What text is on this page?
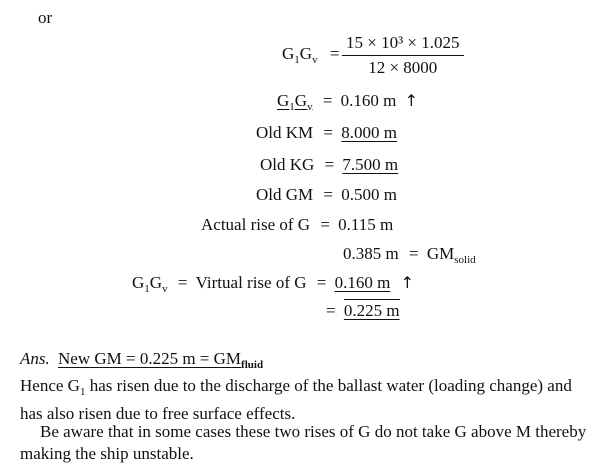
or
$G_1G_v = \frac{\text{15 × 10³ × 1.025}}{12 \times 8000}$
$G_1G_v = 0.160$ m ↑
Old KM = 8.000 m
Old KG = 7.500 m
Old GM = 0.500 m
Actual rise of G = 0.115 m
0.385 $m = GM_{solid}$
$G_1G_v$ = Virtual rise of G = 0.160 m ↑
= 0.225 m
Ans. New GM = 0.225 $m = GM_{fluid}$
Hence $G_1$ has risen due to the discharge of the ballast water (loading change) and has also risen due to free surface effects.
Be aware that in some cases these two rises of G do not take G above M thereby making the ship unstable.
